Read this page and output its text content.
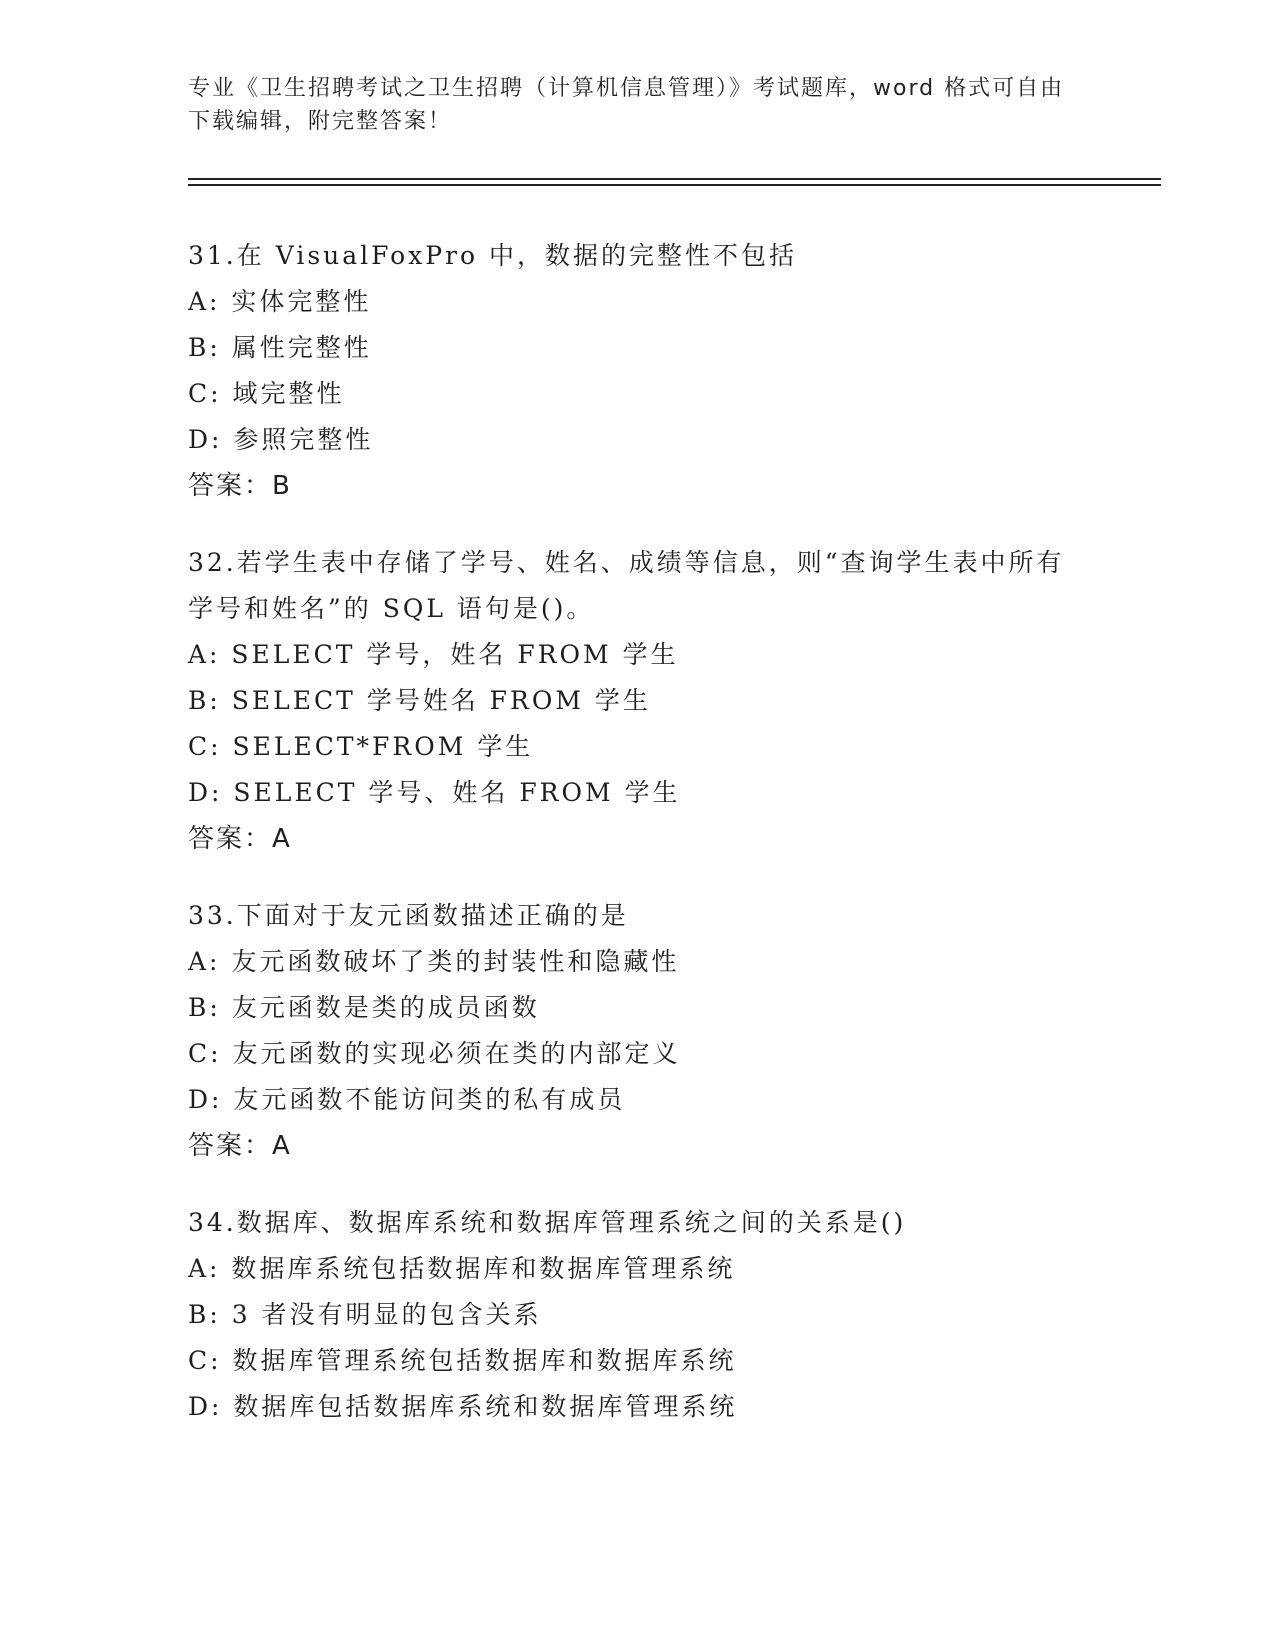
专业《卫生招聘考试之卫生招聘（计算机信息管理）》考试题库，word 格式可自由下载编辑，附完整答案！
31.在 VisualFoxPro 中，数据的完整性不包括
A: 实体完整性
B: 属性完整性
C: 域完整性
D: 参照完整性
答案：B
32.若学生表中存储了学号、姓名、成绩等信息，则“查询学生表中所有学号和姓名”的 SQL 语句是()。
A: SELECT 学号，姓名 FROM 学生
B: SELECT 学号姓名 FROM 学生
C: SELECT*FROM 学生
D: SELECT 学号、姓名 FROM 学生
答案：A
33.下面对于友元函数描述正确的是
A: 友元函数破坏了类的封装性和隐藏性
B: 友元函数是类的成员函数
C: 友元函数的实现必须在类的内部定义
D: 友元函数不能访问类的私有成员
答案：A
34.数据库、数据库系统和数据库管理系统之间的关系是()
A: 数据库系统包括数据库和数据库管理系统
B: 3 者没有明显的包含关系
C: 数据库管理系统包括数据库和数据库系统
D: 数据库包括数据库系统和数据库管理系统
